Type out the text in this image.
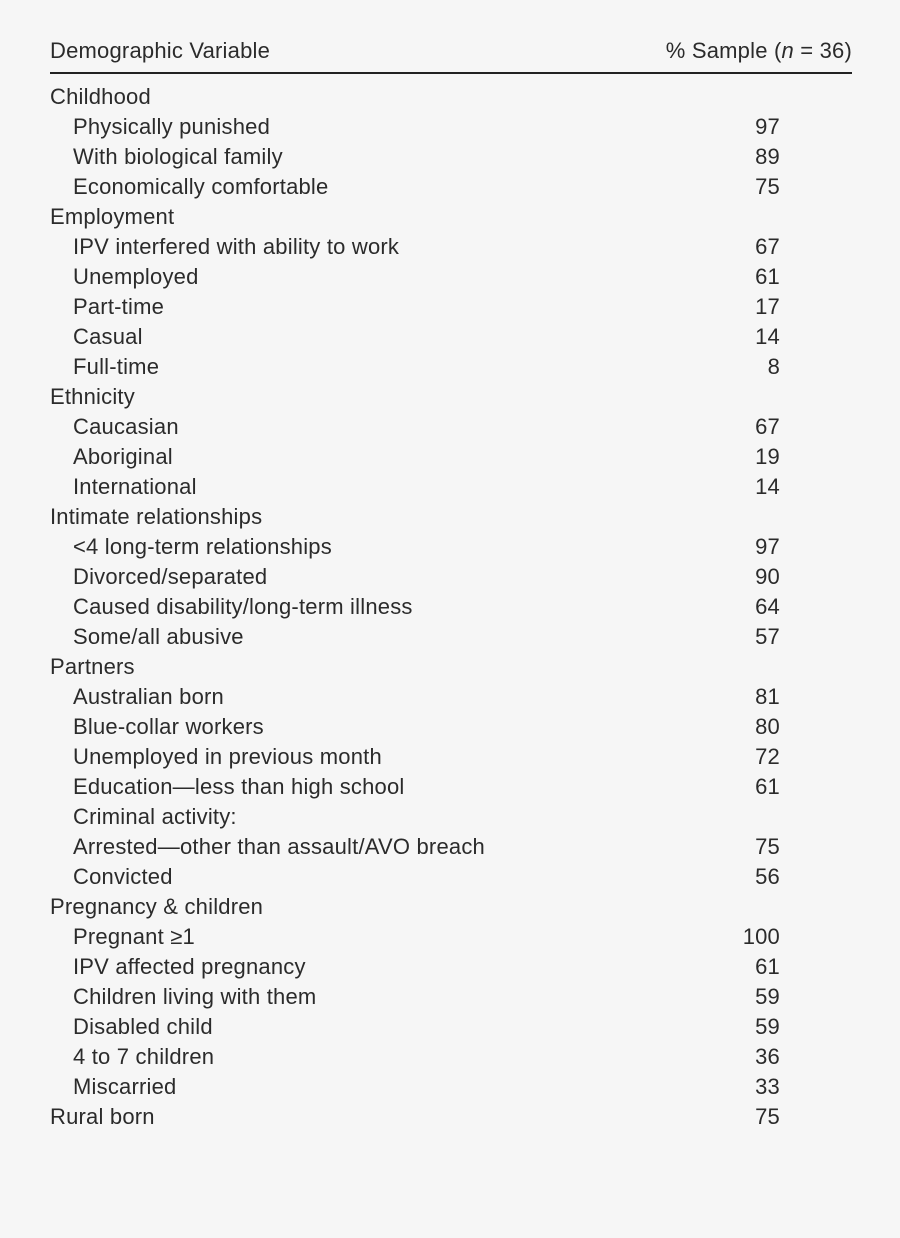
Demographic Variable	% Sample (n = 36)
Childhood
Physically punished	97
With biological family	89
Economically comfortable	75
Employment
IPV interfered with ability to work	67
Unemployed	61
Part-time	17
Casual	14
Full-time	8
Ethnicity
Caucasian	67
Aboriginal	19
International	14
Intimate relationships
<4 long-term relationships	97
Divorced/separated	90
Caused disability/long-term illness	64
Some/all abusive	57
Partners
Australian born	81
Blue-collar workers	80
Unemployed in previous month	72
Education—less than high school	61
Criminal activity:
Arrested—other than assault/AVO breach	75
Convicted	56
Pregnancy & children
Pregnant ≥1	100
IPV affected pregnancy	61
Children living with them	59
Disabled child	59
4 to 7 children	36
Miscarried	33
Rural born	75
